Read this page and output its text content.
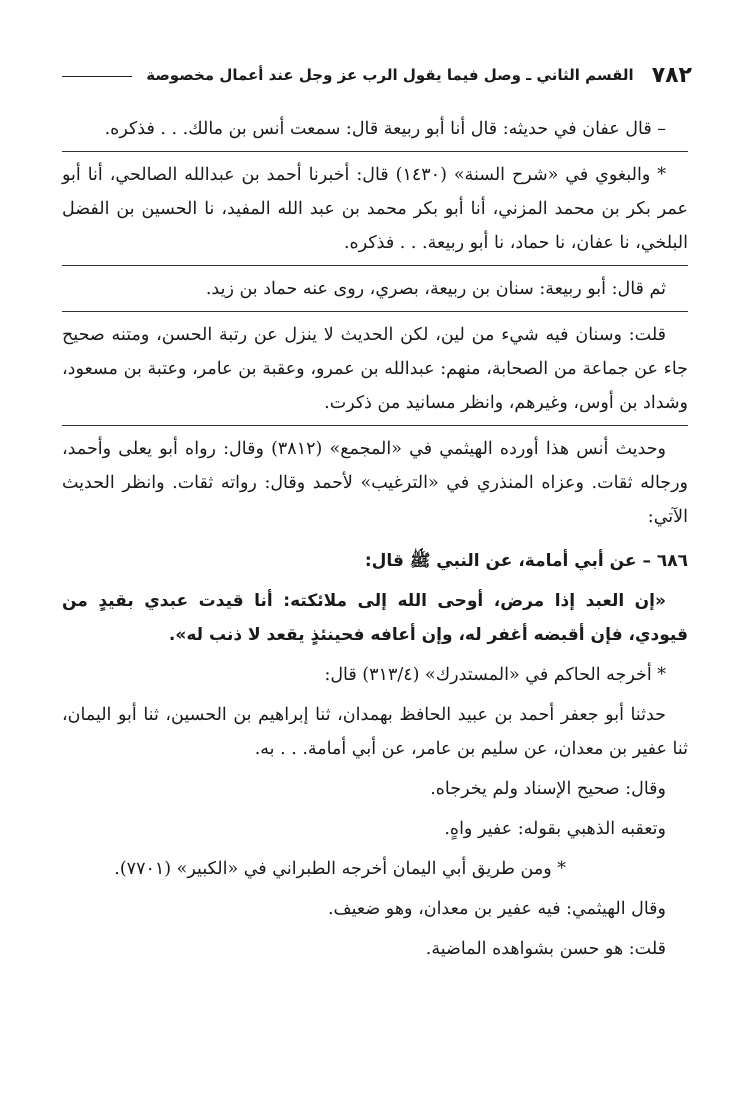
٧٨٢
القسم الثاني ـ وصل فيما يقول الرب عز وجل عند أعمال مخصوصة

– قال عفان في حديثه: قال أنا أبو ربيعة قال: سمعت أنس بن مالك. . . فذكره.

* والبغوي في «شرح السنة» (١٤٣٠) قال: أخبرنا أحمد بن عبدالله الصالحي، أنا أبو عمر بكر بن محمد المزني، أنا أبو بكر محمد بن عبد الله المفيد، نا الحسين بن الفضل البلخي، نا عفان، نا حماد، نا أبو ربيعة. . . فذكره.

ثم قال: أبو ربيعة: سنان بن ربيعة، بصري، روى عنه حماد بن زيد.

قلت: وسنان فيه شيء من لين، لكن الحديث لا ينزل عن رتبة الحسن، ومتنه صحيح جاء عن جماعة من الصحابة، منهم: عبدالله بن عمرو، وعقبة بن عامر، وعتبة بن مسعود، وشداد بن أوس، وغيرهم، وانظر مسانيد من ذكرت.

وحديث أنس هذا أورده الهيثمي في «المجمع» (٣٨١٢) وقال: رواه أبو يعلى وأحمد، ورجاله ثقات. وعزاه المنذري في «الترغيب» لأحمد وقال: رواته ثقات. وانظر الحديث الآتي:

٦٨٦ – عن أبي أمامة، عن النبي ﷺ قال:

«إن العبد إذا مرض، أوحى الله إلى ملائكته: أنا قيدت عبدي بقيدٍ من قيودي، فإن أقبضه أغفر له، وإن أعافه فحينئذٍ يقعد لا ذنب له».

* أخرجه الحاكم في «المستدرك» (٣١٣/٤) قال:

حدثنا أبو جعفر أحمد بن عبيد الحافظ بهمدان، ثنا إبراهيم بن الحسين، ثنا أبو اليمان، ثنا عفير بن معدان، عن سليم بن عامر، عن أبي أمامة. . . به.

وقال: صحيح الإسناد ولم يخرجاه.

وتعقبه الذهبي بقوله: عفير واهٍ.

* ومن طريق أبي اليمان أخرجه الطبراني في «الكبير» (٧٧٠١).

وقال الهيثمي: فيه عفير بن معدان، وهو ضعيف.

قلت: هو حسن بشواهده الماضية.
